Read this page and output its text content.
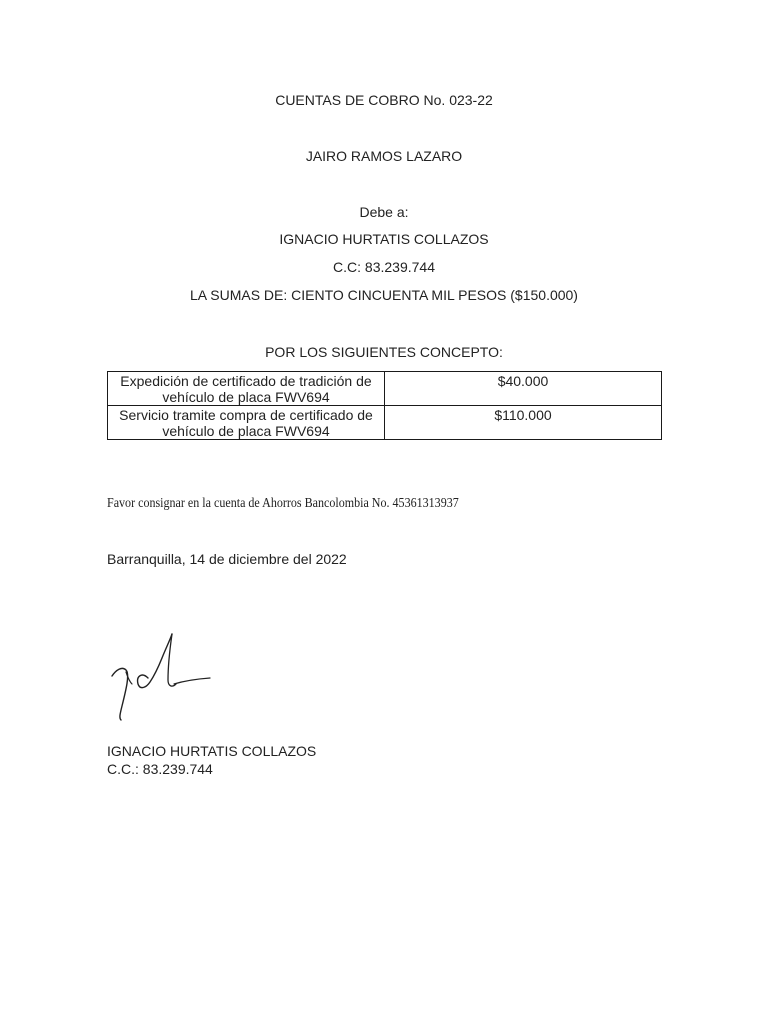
CUENTAS DE COBRO No. 023-22
JAIRO RAMOS LAZARO
Debe a:
IGNACIO HURTATIS COLLAZOS
C.C: 83.239.744
LA SUMAS DE: CIENTO CINCUENTA MIL PESOS ($150.000)
POR LOS SIGUIENTES CONCEPTO:
Expedición de certificado de tradición de
vehículo de placa FWV694	$40.000
Servicio tramite compra de certificado de
vehículo de placa FWV694	$110.000
Favor consignar en la cuenta de Ahorros Bancolombia No. 45361313937
Barranquilla, 14 de diciembre del 2022
IGNACIO HURTATIS COLLAZOS
C.C.: 83.239.744
